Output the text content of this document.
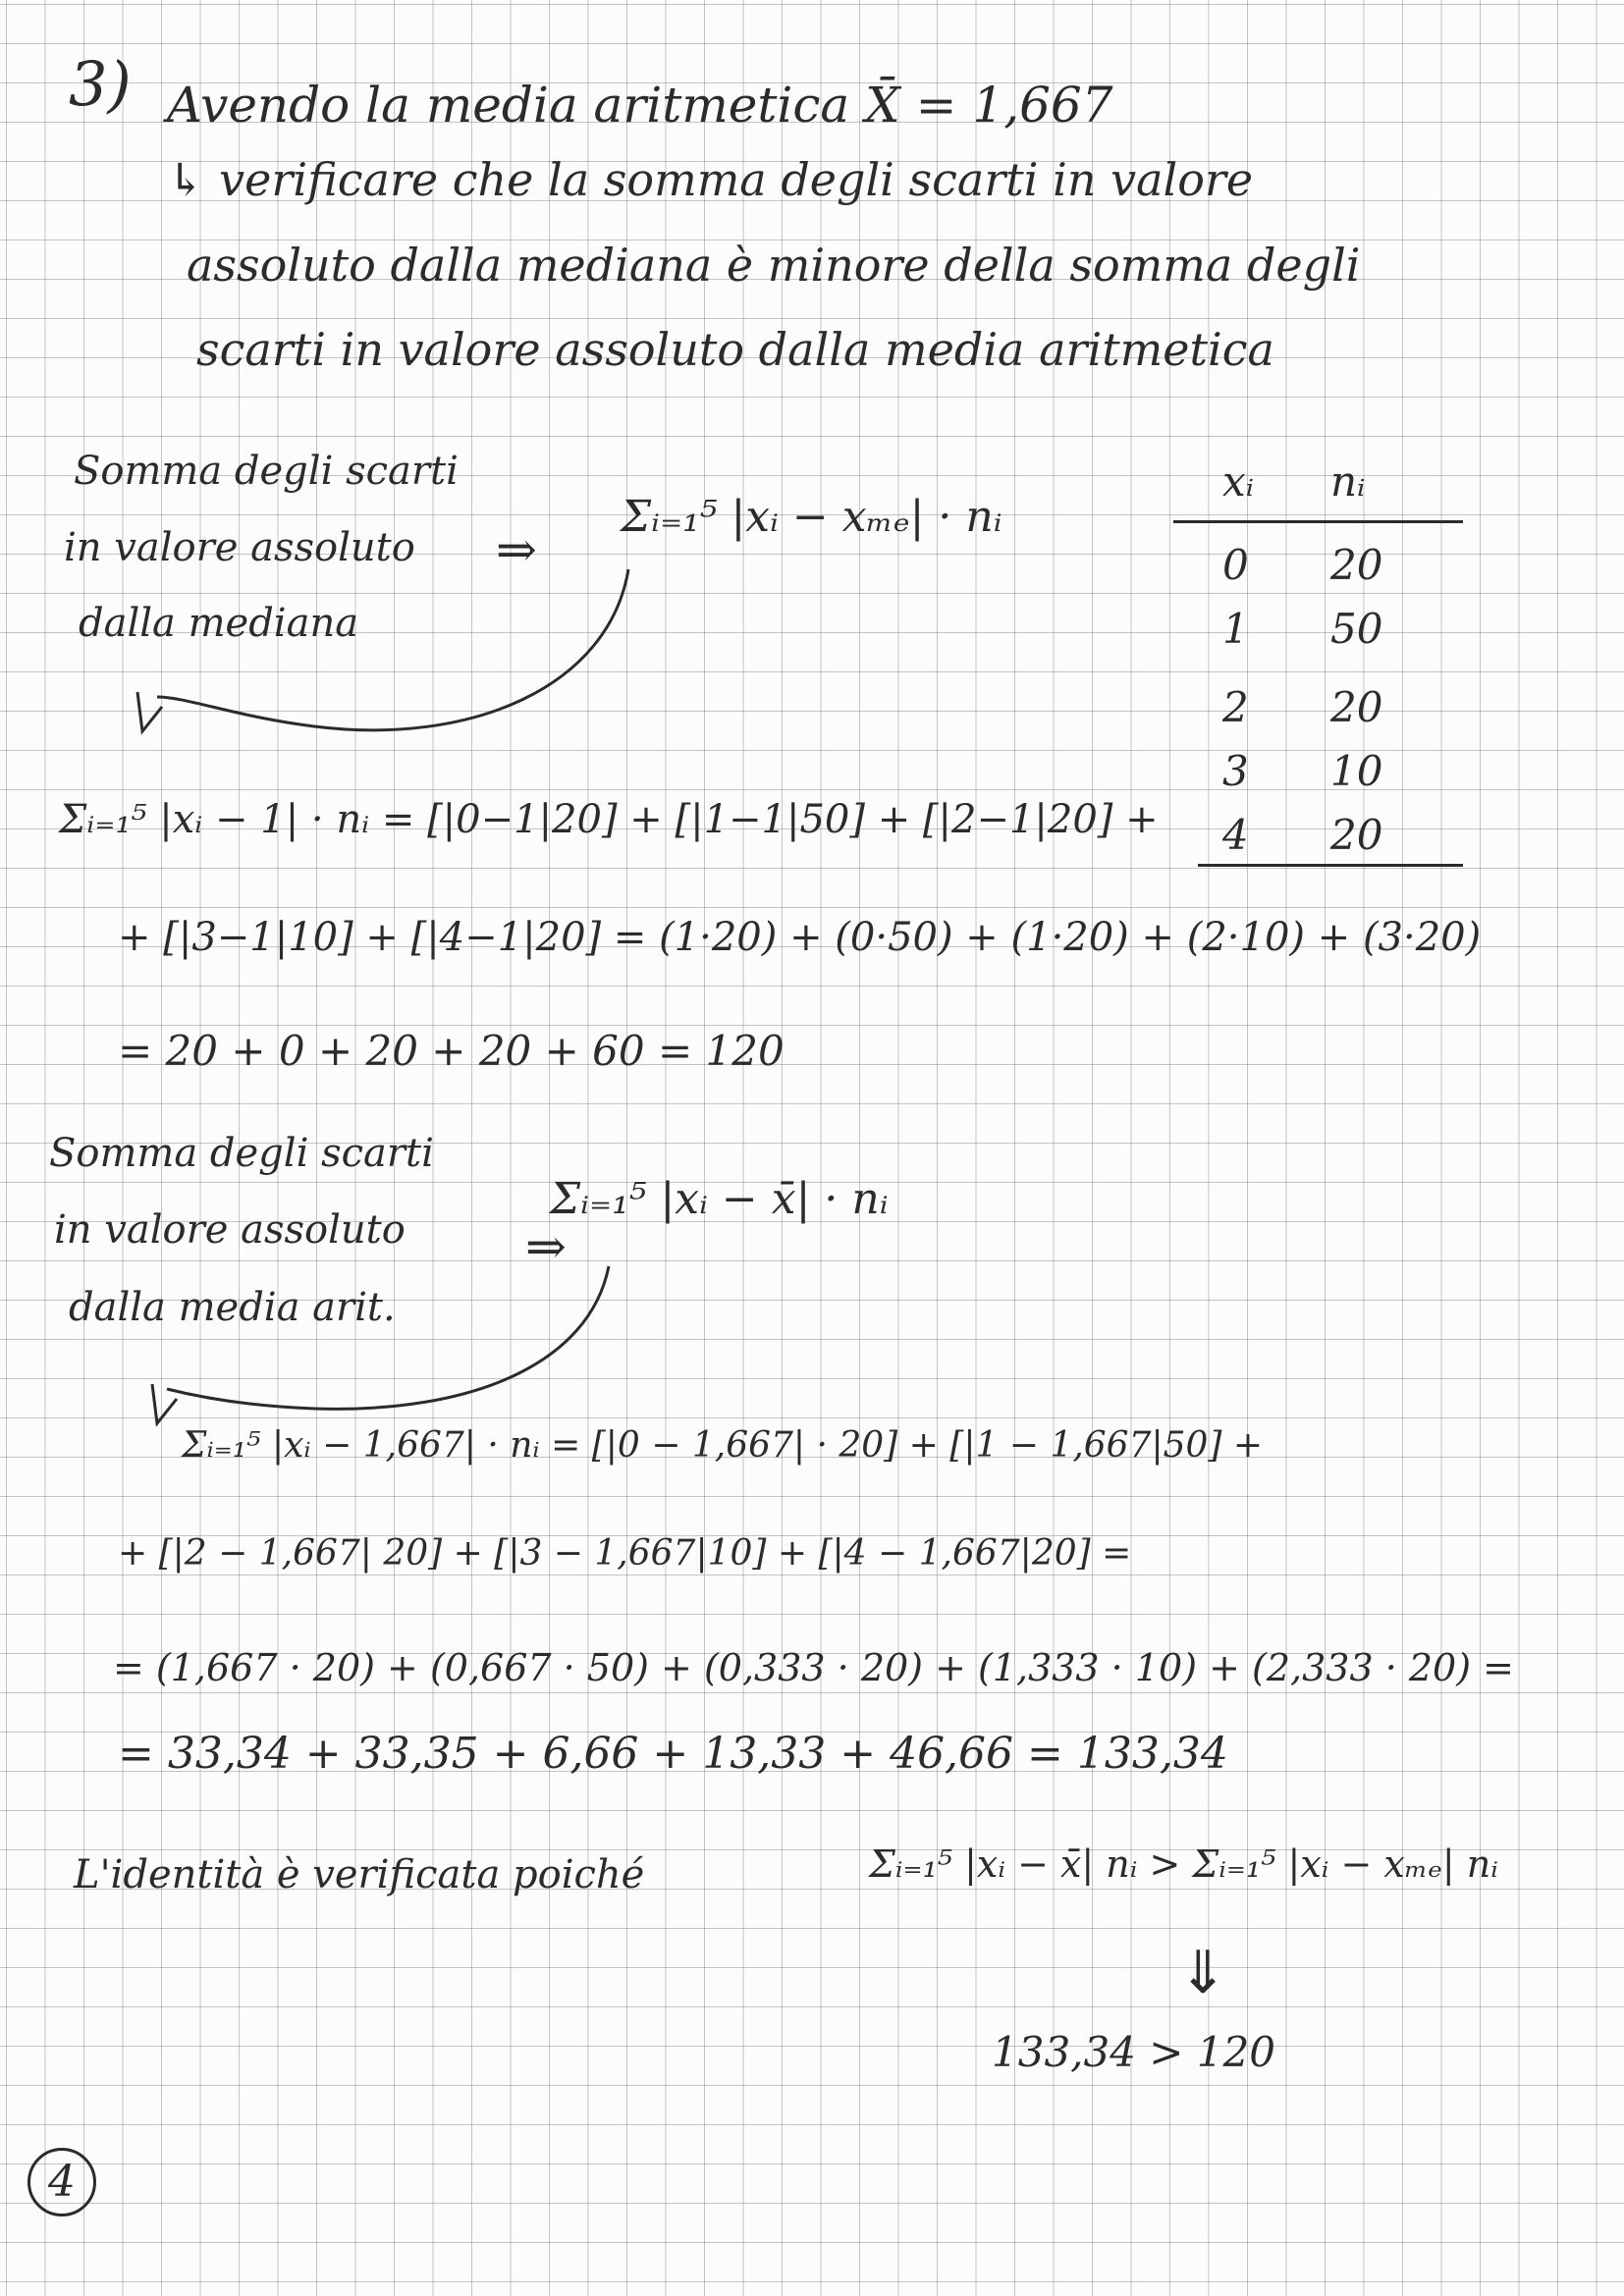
3) Avendo la media aritmetica X̄ = 1,667
↳ verificare che la somma degli scarti in valore
assoluto dalla mediana è minore della somma degli
scarti in valore assoluto dalla media aritmetica
Somma degli scarti
in valore assoluto
dalla mediana
⇒
Σᵢ₌₁⁵ |xᵢ − xₘₑ| · nᵢ
xᵢ nᵢ
0 20
1 50
2 20
3 10
4 20
Σᵢ₌₁⁵ |xᵢ − 1| · nᵢ = [|0−1|20] + [|1−1|50] + [|2−1|20] +
+ [|3−1|10] + [|4−1|20] = (1·20) + (0·50) + (1·20) + (2·10) + (3·20)
= 20 + 0 + 20 + 20 + 60 = 120
Somma degli scarti
in valore assoluto
dalla media arit.
⇒
Σᵢ₌₁⁵ |xᵢ − x̄| · nᵢ
Σᵢ₌₁⁵ |xᵢ − 1,667| · nᵢ = [|0 − 1,667| · 20] + [|1 − 1,667|50] +
+ [|2 − 1,667| 20] + [|3 − 1,667|10] + [|4 − 1,667|20] =
= (1,667 · 20) + (0,667 · 50) + (0,333 · 20) + (1,333 · 10) + (2,333 · 20) =
= 33,34 + 33,35 + 6,66 + 13,33 + 46,66 = 133,34
L'identità è verificata poiché	Σᵢ₌₁⁵ |xᵢ − x̄| nᵢ > Σᵢ₌₁⁵ |xᵢ − xₘₑ| nᵢ
⇓
133,34 > 120
4
